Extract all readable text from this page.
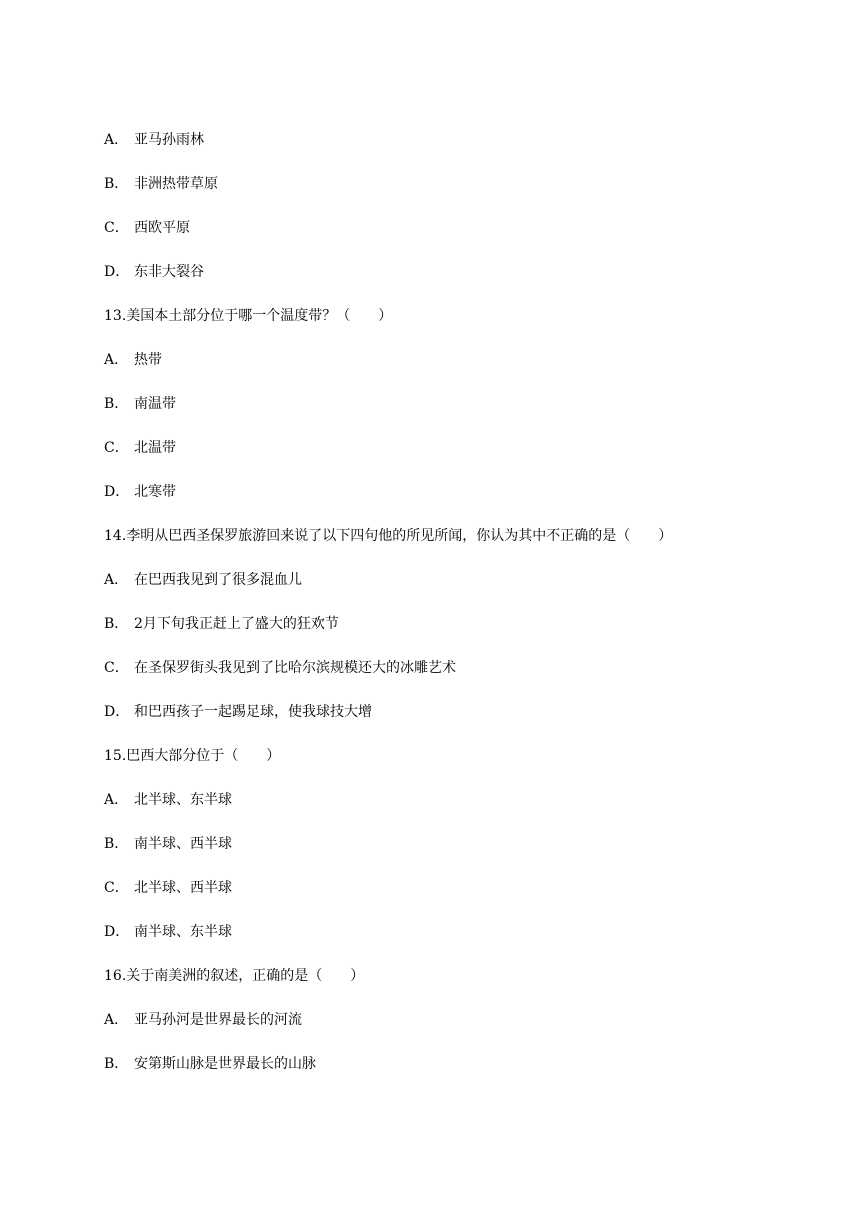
A． 亚马孙雨林
B． 非洲热带草原
C． 西欧平原
D． 东非大裂谷
13.美国本土部分位于哪一个温度带？（　　）
A． 热带
B． 南温带
C． 北温带
D． 北寒带
14.李明从巴西圣保罗旅游回来说了以下四句他的所见所闻，你认为其中不正确的是（　　）
A． 在巴西我见到了很多混血儿
B． 2月下旬我正赶上了盛大的狂欢节
C． 在圣保罗街头我见到了比哈尔滨规模还大的冰雕艺术
D． 和巴西孩子一起踢足球，使我球技大增
15.巴西大部分位于（　　）
A． 北半球、东半球
B． 南半球、西半球
C． 北半球、西半球
D． 南半球、东半球
16.关于南美洲的叙述，正确的是（　　）
A． 亚马孙河是世界最长的河流
B． 安第斯山脉是世界最长的山脉
